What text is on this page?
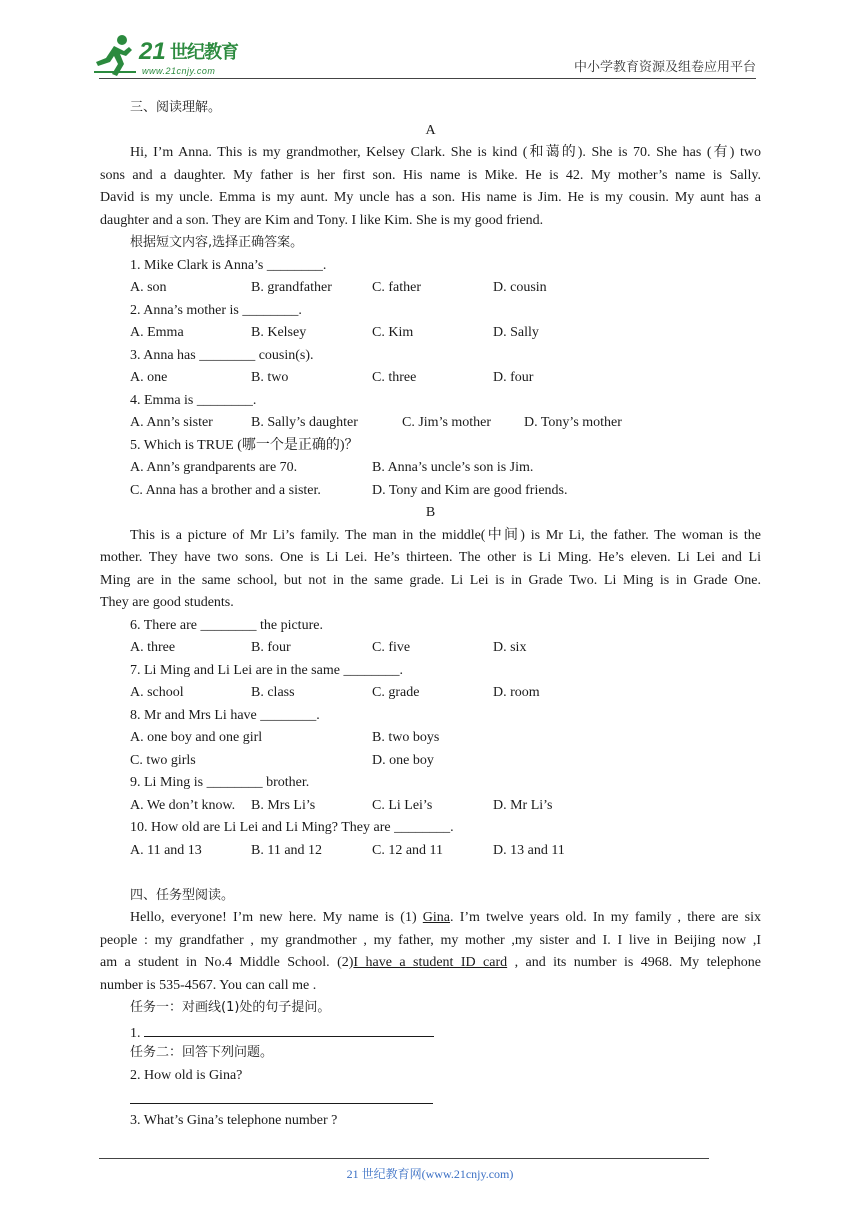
21 世纪教育
www.21cnjy.com	中小学教育资源及组卷应用平台
三、阅读理解。
A
Hi, I’m Anna. This is my grandmother, Kelsey Clark. She is kind (和蔼的). She is 70. She has (有) two
sons and a daughter. My father is her first son. His name is Mike. He is 42. My mother’s name is Sally.
David is my uncle. Emma is my aunt. My uncle has a son. His name is Jim. He is my cousin. My aunt has a
daughter and a son. They are Kim and Tony. I like Kim. She is my good friend.
根据短文内容,选择正确答案。
1. Mike Clark is Anna’s ________.
A. son	B. grandfather	C. father	D. cousin
2. Anna’s mother is ________.
A. Emma	B. Kelsey	C. Kim	D. Sally
3. Anna has ________ cousin(s).
A. one	B. two	C. three	D. four
4. Emma is ________.
A. Ann’s sister	B. Sally’s daughter	C. Jim’s mother D. Tony’s mother
5. Which is TRUE (哪一个是正确的)？
A. Ann’s grandparents are 70.	B. Anna’s uncle’s son is Jim.
C. Anna has a brother and a sister.	D. Tony and Kim are good friends.
B
This is a picture of Mr Li’s family. The man in the middle(中间) is Mr Li, the father. The woman is the
mother. They have two sons. One is Li Lei. He’s thirteen. The other is Li Ming. He’s eleven. Li Lei and Li
Ming are in the same school, but not in the same grade. Li Lei is in Grade Two. Li Ming is in Grade One.
They are good students.
6. There are ________ the picture.
A. three	B. four	C. five	D. six
7. Li Ming and Li Lei are in the same ________.
A. school	B. class	C. grade	D. room
8. Mr and Mrs Li have ________.
A. one boy and one girl	B. two boys
C. two girls	D. one boy
9. Li Ming is ________ brother.
A. We don’t know. B. Mrs Li’s	C. Li Lei’s	D. Mr Li’s
10. How old are Li Lei and Li Ming? They are ________.
A. 11 and 13	B. 11 and 12	C. 12 and 11	D. 13 and 11
四、任务型阅读。
Hello, everyone! I’m new here. My name is (1) Gina. I’m twelve years old. In my family , there are six
people : my grandfather , my grandmother , my father, my mother ,my sister and I. I live in Beijing now ,I
am a student in No.4 Middle School. (2)I have a student ID card , and its number is 4968. My telephone
number is 535-4567. You can call me .
任务一：对画线(1)处的句子提问。
1.
任务二：回答下列问题。
2. How old is Gina?
3. What’s Gina’s telephone number ?
21 世纪教育网(www.21cnjy.com)
